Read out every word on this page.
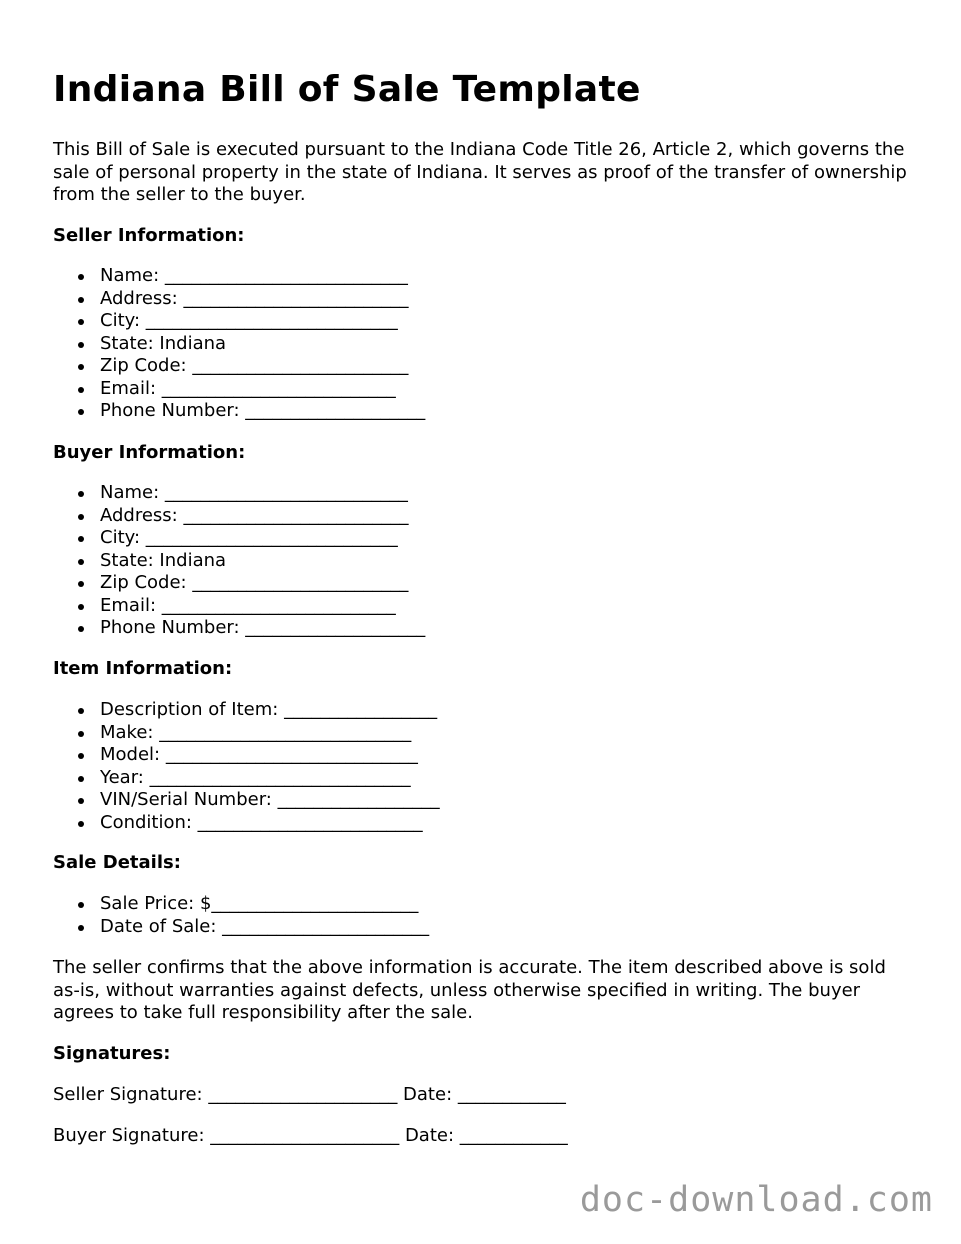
Indiana Bill of Sale Template

This Bill of Sale is executed pursuant to the Indiana Code Title 26, Article 2, which governs the sale of personal property in the state of Indiana. It serves as proof of the transfer of ownership from the seller to the buyer.

Seller Information:
Name: ___________________________
Address: _________________________
City: ____________________________
State: Indiana
Zip Code: ________________________
Email: __________________________
Phone Number: ____________________
Buyer Information:
Name: ___________________________
Address: _________________________
City: ____________________________
State: Indiana
Zip Code: ________________________
Email: __________________________
Phone Number: ____________________
Item Information:
Description of Item: _________________
Make: ____________________________
Model: ____________________________
Year: _____________________________
VIN/Serial Number: __________________
Condition: _________________________
Sale Details:
Sale Price: $_______________________
Date of Sale: _______________________

The seller confirms that the above information is accurate. The item described above is sold as-is, without warranties against defects, unless otherwise specified in writing. The buyer agrees to take full responsibility after the sale.

Signatures:

Seller Signature: _____________________ Date: ____________

Buyer Signature: _____________________ Date: ____________

doc-download.com
